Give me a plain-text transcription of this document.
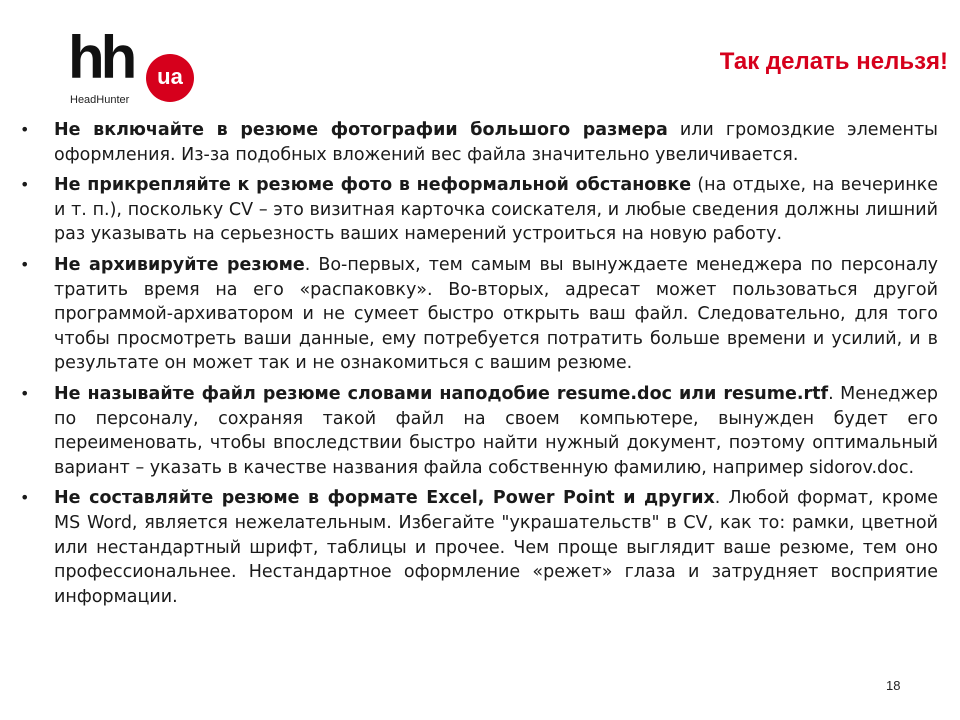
hh	ua
HeadHunter
Так делать нельзя!
• Не включайте в резюме фотографии большого размера или громоздкие элементы оформления. Из-за подобных вложений вес файла значительно увеличивается.
• Не прикрепляйте к резюме фото в неформальной обстановке (на отдыхе, на вечеринке и т. п.), поскольку CV – это визитная карточка соискателя, и любые сведения должны лишний раз указывать на серьезность ваших намерений устроиться на новую работу.
• Не архивируйте резюме. Во-первых, тем самым вы вынуждаете менеджера по персоналу тратить время на его «распаковку». Во-вторых, адресат может пользоваться другой программой-архиватором и не сумеет быстро открыть ваш файл. Следовательно, для того чтобы просмотреть ваши данные, ему потребуется потратить больше времени и усилий, и в результате он может так и не ознакомиться с вашим резюме.
• Не называйте файл резюме словами наподобие resume.doc или resume.rtf. Менеджер по персоналу, сохраняя такой файл на своем компьютере, вынужден будет его переименовать, чтобы впоследствии быстро найти нужный документ, поэтому оптимальный вариант – указать в качестве названия файла собственную фамилию, например sidorov.doc.
• Не составляйте резюме в формате Excel, Power Point и других. Любой формат, кроме MS Word, является нежелательным. Избегайте "украшательств" в CV, как то: рамки, цветной или нестандартный шрифт, таблицы и прочее. Чем проще выглядит ваше резюме, тем оно профессиональнее. Нестандартное оформление «режет» глаза и затрудняет восприятие информации.
18
